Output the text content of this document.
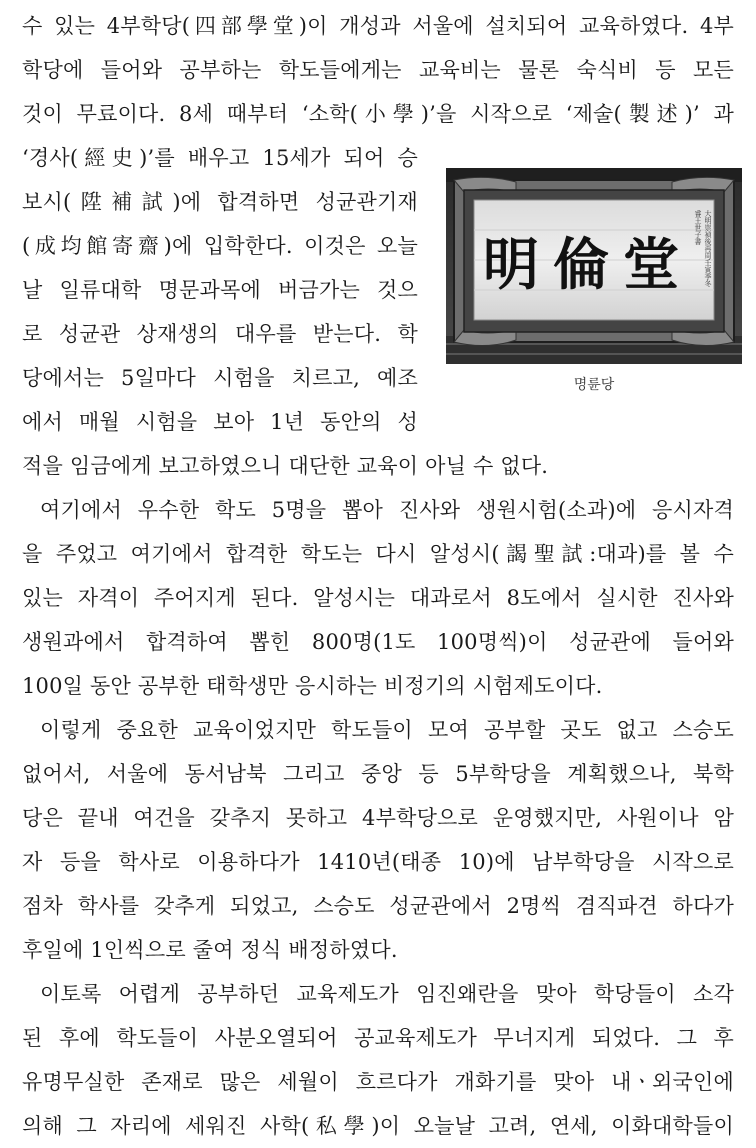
수 있는 4부학당(四部學堂)이 개성과 서울에 설치되어 교육하였다. 4부
학당에 들어와 공부하는 학도들에게는 교육비는 물론 숙식비 등 모든
것이 무료이다. 8세 때부터 ‘소학(小學)’을 시작으로 ‘제술(製述)’ 과
‘경사(經史)’를 배우고 15세가 되어 승
보시(陞補試)에 합격하면 성균관기재
(成均館寄齋)에 입학한다. 이것은 오늘
날 일류대학 명문과목에 버금가는 것으
로 성균관 상재생의 대우를 받는다. 학
당에서는 5일마다 시험을 치르고, 예조
에서 매월 시험을 보아 1년 동안의 성
적을 임금에게 보고하였으니 대단한 교육이 아닐 수 없다.
여기에서 우수한 학도 5명을 뽑아 진사와 생원시험(소과)에 응시자격
을 주었고 여기에서 합격한 학도는 다시 알성시(謁聖試:대과)를 볼 수
있는 자격이 주어지게 된다. 알성시는 대과로서 8도에서 실시한 진사와
생원과에서 합격하여 뽑힌 800명(1도 100명씩)이 성균관에 들어와
100일 동안 공부한 태학생만 응시하는 비정기의 시험제도이다.
이렇게 중요한 교육이었지만 학도들이 모여 공부할 곳도 없고 스승도
없어서, 서울에 동서남북 그리고 중앙 등 5부학당을 계획했으나, 북학
당은 끝내 여건을 갖추지 못하고 4부학당으로 운영했지만, 사원이나 암
자 등을 학사로 이용하다가 1410년(태종 10)에 남부학당을 시작으로
점차 학사를 갖추게 되었고, 스승도 성균관에서 2명씩 겸직파견 하다가
후일에 1인씩으로 줄여 정식 배정하였다.
이토록 어렵게 공부하던 교육제도가 임진왜란을 맞아 학당들이 소각
된 후에 학도들이 사분오열되어 공교육제도가 무너지게 되었다. 그 후
유명무실한 존재로 많은 세월이 흐르다가 개화기를 맞아 내ㆍ외국인에
의해 그 자리에 세워진 사학(私學)이 오늘날 고려, 연세, 이화대학들이
大明崇禎後再周壬寅季冬
睿王世子書
明倫堂
명륜당
